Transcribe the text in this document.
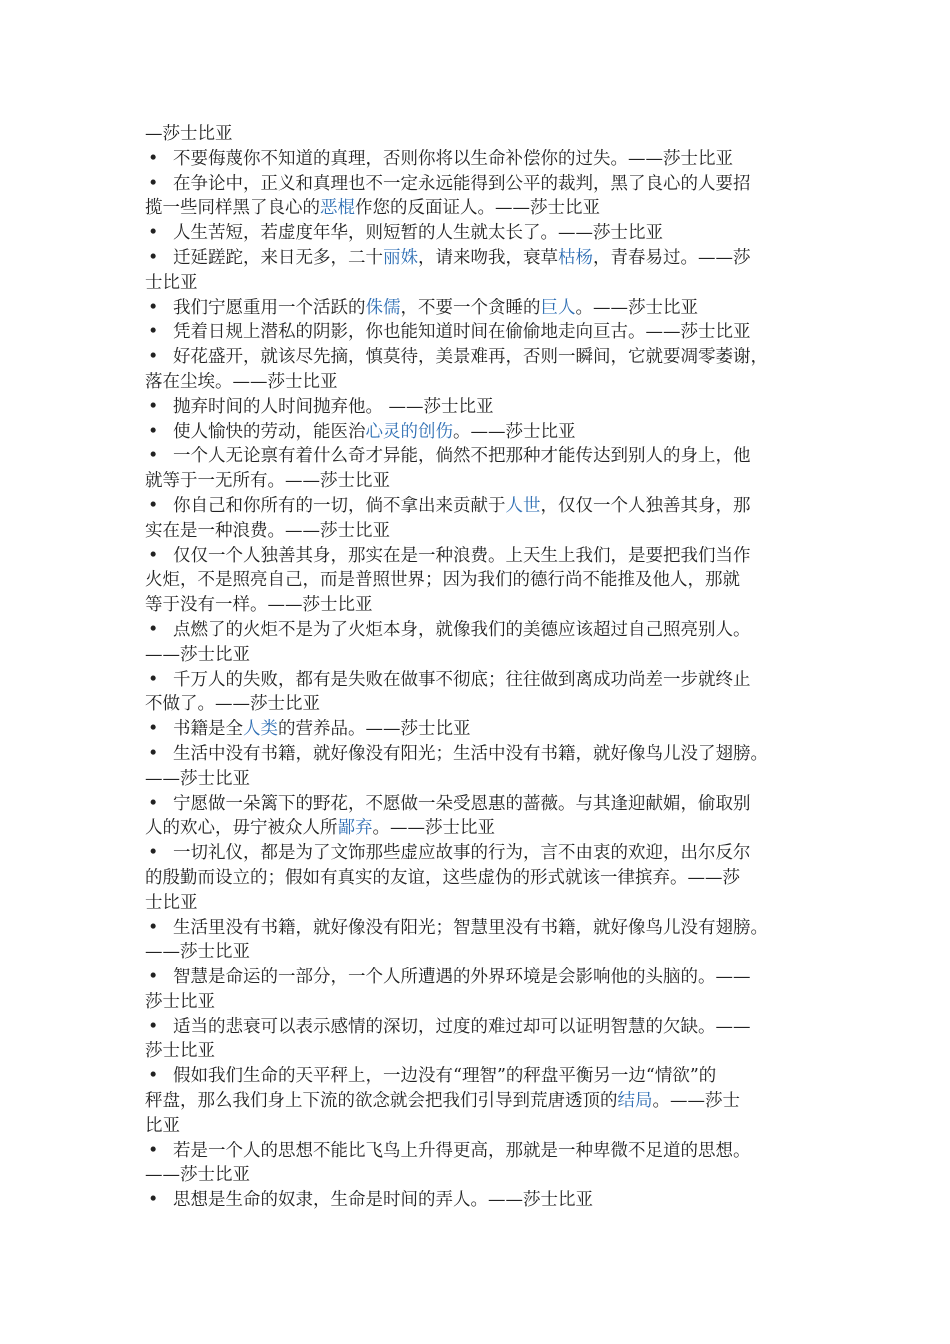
—莎士比亚
• 不要侮蔑你不知道的真理，否则你将以生命补偿你的过失。——莎士比亚
• 在争论中，正义和真理也不一定永远能得到公平的裁判，黑了良心的人要招
揽一些同样黑了良心的恶棍作您的反面证人。——莎士比亚
• 人生苦短，若虚度年华，则短暂的人生就太长了。——莎士比亚
• 迁延蹉跎，来日无多，二十丽姝，请来吻我，衰草枯杨，青春易过。——莎
士比亚
• 我们宁愿重用一个活跃的侏儒，不要一个贪睡的巨人。——莎士比亚
• 凭着日规上潜私的阴影，你也能知道时间在偷偷地走向亘古。——莎士比亚
• 好花盛开，就该尽先摘，慎莫待，美景难再，否则一瞬间，它就要凋零萎谢，
落在尘埃。——莎士比亚
• 抛弃时间的人时间抛弃他。 ——莎士比亚
• 使人愉快的劳动，能医治心灵的创伤。——莎士比亚
• 一个人无论禀有着什么奇才异能，倘然不把那种才能传达到别人的身上，他
就等于一无所有。——莎士比亚
• 你自己和你所有的一切，倘不拿出来贡献于人世，仅仅一个人独善其身，那
实在是一种浪费。——莎士比亚
• 仅仅一个人独善其身，那实在是一种浪费。上天生上我们，是要把我们当作
火炬，不是照亮自己，而是普照世界；因为我们的德行尚不能推及他人，那就
等于没有一样。——莎士比亚
• 点燃了的火炬不是为了火炬本身，就像我们的美德应该超过自己照亮别人。
——莎士比亚
• 千万人的失败，都有是失败在做事不彻底；往往做到离成功尚差一步就终止
不做了。——莎士比亚
• 书籍是全人类的营养品。——莎士比亚
• 生活中没有书籍，就好像没有阳光；生活中没有书籍，就好像鸟儿没了翅膀。
——莎士比亚
• 宁愿做一朵篱下的野花，不愿做一朵受恩惠的蔷薇。与其逢迎献媚，偷取别
人的欢心，毋宁被众人所鄙弃。——莎士比亚
• 一切礼仪，都是为了文饰那些虚应故事的行为，言不由衷的欢迎，出尔反尔
的殷勤而设立的；假如有真实的友谊，这些虚伪的形式就该一律摈弃。——莎
士比亚
• 生活里没有书籍，就好像没有阳光；智慧里没有书籍，就好像鸟儿没有翅膀。
——莎士比亚
• 智慧是命运的一部分，一个人所遭遇的外界环境是会影响他的头脑的。——
莎士比亚
• 适当的悲衰可以表示感情的深切，过度的难过却可以证明智慧的欠缺。——
莎士比亚
• 假如我们生命的天平秤上，一边没有“理智”的秤盘平衡另一边“情欲”的
秤盘，那么我们身上下流的欲念就会把我们引导到荒唐透顶的结局。——莎士
比亚
• 若是一个人的思想不能比飞鸟上升得更高，那就是一种卑微不足道的思想。
——莎士比亚
• 思想是生命的奴隶，生命是时间的弄人。——莎士比亚
